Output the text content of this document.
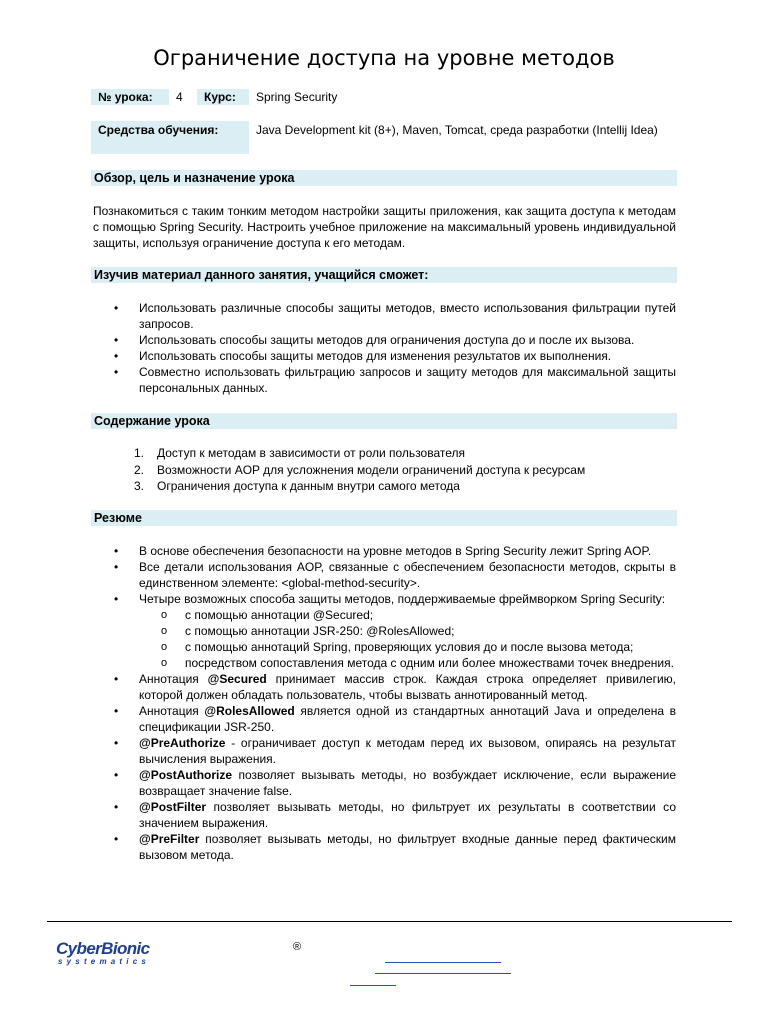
Ограничение доступа на уровне методов
№ урока:	4	Курс:	Spring Security
Средства обучения:	Java Development kit (8+), Maven, Tomcat, среда разработки (Intellij Idea)
Обзор, цель и назначение урока
Познакомиться с таким тонким методом настройки защиты приложения, как защита доступа к методам с помощью Spring Security. Настроить учебное приложение на максимальный уровень индивидуальной защиты, используя ограничение доступа к его методам.
Изучив материал данного занятия, учащийся сможет:
• Использовать различные способы защиты методов, вместо использования фильтрации путей запросов.
• Использовать способы защиты методов для ограничения доступа до и после их вызова.
• Использовать способы защиты методов для изменения результатов их выполнения.
• Совместно использовать фильтрацию запросов и защиту методов для максимальной защиты персональных данных.
Содержание урока
1. Доступ к методам в зависимости от роли пользователя
2. Возможности AOP для усложнения модели ограничений доступа к ресурсам
3. Ограничения доступа к данным внутри самого метода
Резюме
• В основе обеспечения безопасности на уровне методов в Spring Security лежит Spring AOP.
• Все детали использования AOP, связанные с обеспечением безопасности методов, скрыты в единственном элементе: <global-method-security>.
• Четыре возможных способа защиты методов, поддерживаемые фреймворком Spring Security:
o с помощью аннотации @Secured;
o с помощью аннотации JSR-250: @RolesAllowed;
o с помощью аннотаций Spring, проверяющих условия до и после вызова метода;
o посредством сопоставления метода с одним или более множествами точек внедрения.
• Аннотация @Secured принимает массив строк. Каждая строка определяет привилегию, которой должен обладать пользователь, чтобы вызвать аннотированный метод.
• Аннотация @RolesAllowed является одной из стандартных аннотаций Java и определена в спецификации JSR-250.
• @PreAuthorize - ограничивает доступ к методам перед их вызовом, опираясь на результат вычисления выражения.
• @PostAuthorize позволяет вызывать методы, но возбуждает исключение, если выражение возвращает значение false.
• @PostFilter позволяет вызывать методы, но фильтрует их результаты в соответствии со значением выражения.
• @PreFilter позволяет вызывать методы, но фильтрует входные данные перед фактическим вызовом метода.
CyberBionic
systematics
®
